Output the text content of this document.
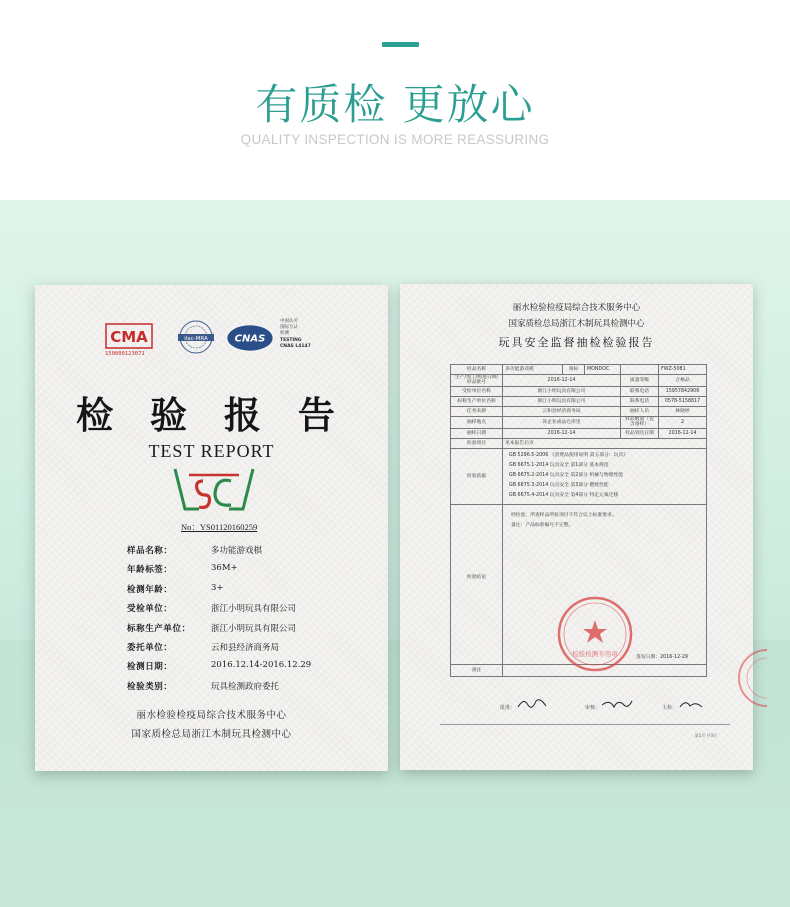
有质检 更放心
QUALITY INSPECTION IS MORE REASSURING
CMA
150000123071
ilac-MRA	CNAS
中国认可
国际互认
检测
TESTING
CNAS L4147
检 验 报 告
TEST REPORT
No：YS01120160259
样品名称：	多功能游戏棋
年龄标签：	36M+
检测年龄：	3+
受检单位：	浙江小明玩具有限公司
标称生产单位：	浙江小明玩具有限公司
委托单位：	云和县经济商务局
检测日期：	2016.12.14-2016.12.29
检验类别：	玩具检测政府委托
丽水检验检疫局综合技术服务中心
国家质检总局浙江木制玩具检测中心
丽水检验检疫局综合技术服务中心
国家质检总局浙江木制玩具检测中心
玩具安全监督抽检检验报告
样品名称	多功能游戏棋	商标	MONDOC		FWZ-5081
生产/加工/购进日期/样品批号	2016-12-14			质量等级	合格品
受检单位名称	浙江小明玩具有限公司			联系电话	15957842906
标称生产单位名称	浙江小明玩具有限公司			联系电话	0578-5158817
任务来源	云和县经济商务局			抽样人员	林晓婷
抽样地点	该企业成品仓库里			样品数量（包含备样）	2
抽样日期	2016-12-14			样品到达日期	2016-12-14
检验项目	见本报告后页				
检验依据	GB 5296.5-2006 《消费品使用说明 第五部分：玩具》
GB 6675.1-2014 玩具安全 第1部分 基本规范
GB 6675.2-2014 玩具安全 第2部分 机械与物理性能
GB 6675.3-2014 玩具安全 第3部分 燃烧性能
GB 6675.4-2014 玩具安全 第4部分 特定元素迁移				

检验结论	经检验，所查样品所检项目不符合以上标准要求。
备注：产品标准编号不完整。
签发日期：2016-12-29				

备注					
检验检测专用章
批准：	审核：	主检：
第1页 共3页
